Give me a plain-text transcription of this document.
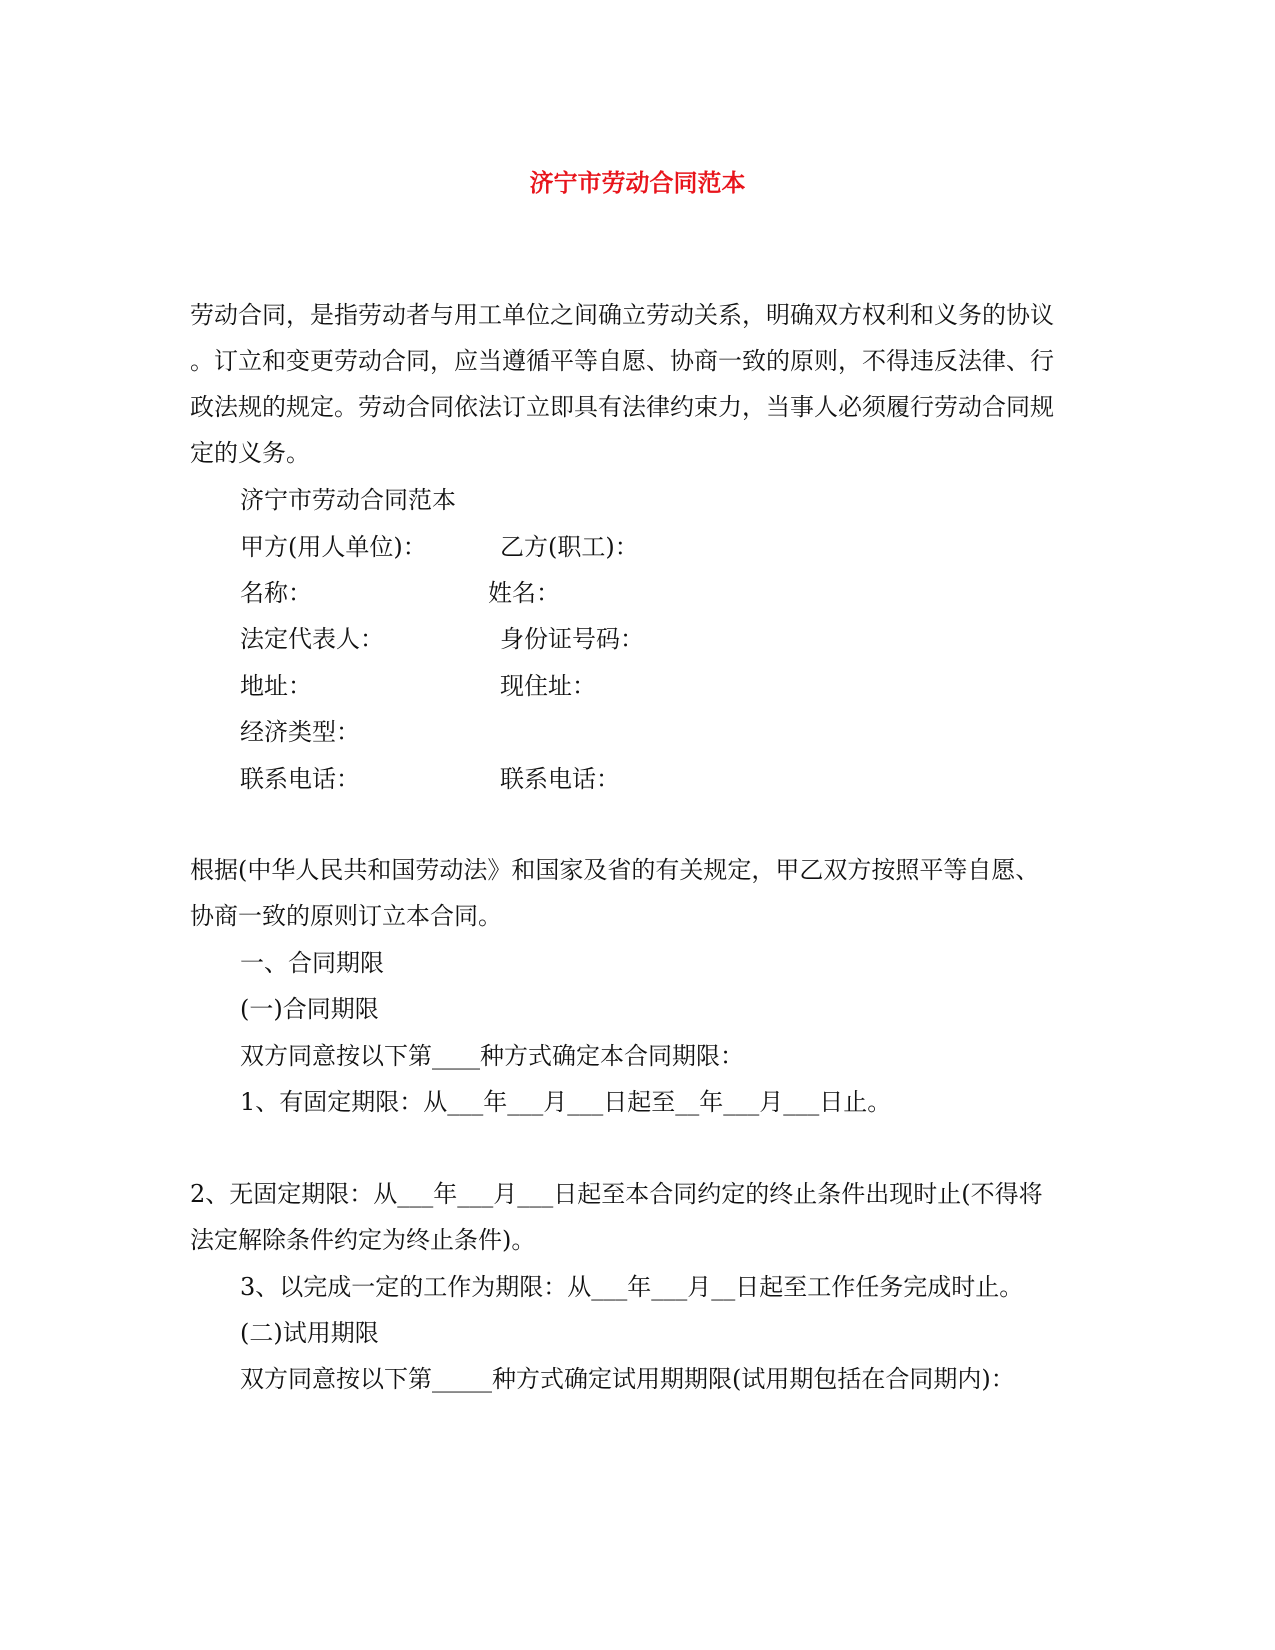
济宁市劳动合同范本
劳动合同，是指劳动者与用工单位之间确立劳动关系，明确双方权利和义务的协议
。订立和变更劳动合同，应当遵循平等自愿、协商一致的原则，不得违反法律、行
政法规的规定。劳动合同依法订立即具有法律约束力，当事人必须履行劳动合同规
定的义务。
济宁市劳动合同范本
甲方(用人单位)：	乙方(职工)：
名称：	姓名：
法定代表人：	身份证号码：
地址：	现住址：
经济类型：
联系电话：	联系电话：
根据(中华人民共和国劳动法》和国家及省的有关规定，甲乙双方按照平等自愿、
协商一致的原则订立本合同。
一、合同期限
(一)合同期限
双方同意按以下第____种方式确定本合同期限：
1、有固定期限：从___年___月___日起至__年___月___日止。
2、无固定期限：从___年___月___日起至本合同约定的终止条件出现时止(不得将
法定解除条件约定为终止条件)。
3、以完成一定的工作为期限：从___年___月__日起至工作任务完成时止。
(二)试用期限
双方同意按以下第_____种方式确定试用期期限(试用期包括在合同期内)：
